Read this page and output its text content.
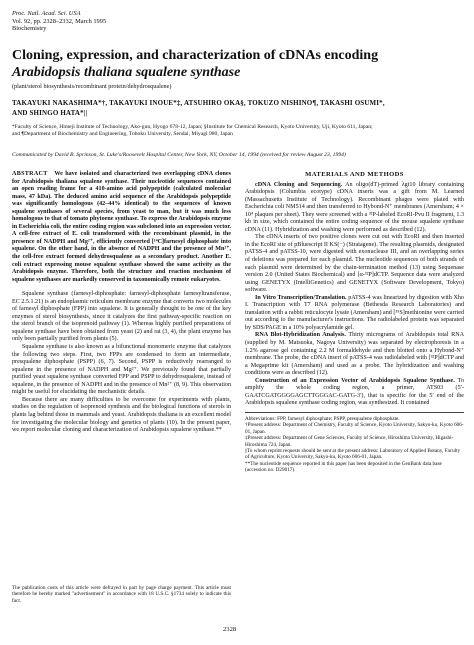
Proc. Natl. Acad. Sci. USA
Vol. 92, pp. 2328–2332, March 1995
Biochemistry
Cloning, expression, and characterization of cDNAs encoding
Arabidopsis thaliana squalene synthase
(plant/sterol biosynthesis/recombinant protein/dehydrosqualene)
TAKAYUKI NAKASHIMA*†, TAKAYUKI INOUE*‡, ATSUHIRO OKA§, TOKUZO NISHINO¶, TAKASHI OSUMI*,
AND SHINGO HATA*||
*Faculty of Science, Himeji Institute of Technology, Ako-gun, Hyogo 678-12, Japan; §Institute for Chemical Research, Kyoto University, Uji, Kyoto 611, Japan;
and ¶Department of Biochemistry and Engineering, Tohoku University, Sendai, Miyagi 980, Japan
Communicated by David B. Sprinson, St. Luke's/Roosevelt Hospital Center, New York, NY, October 14, 1994 (received for review August 23, 1994)

ABSTRACT We have isolated and characterized two overlapping cDNA clones for Arabidopsis thaliana squalene synthase. Their nucleotide sequences contained an open reading frame for a 410-amino acid polypeptide (calculated molecular mass, 47 kDa). The deduced amino acid sequence of the Arabidopsis polypeptide was significantly homologous (42–44% identical) to the sequences of known squalene synthases of several species, from yeast to man, but it was much less homologous to that of tomato phytoene synthase. To express the Arabidopsis enzyme in Escherichia coli, the entire coding region was subcloned into an expression vector. A cell-free extract of E. coli transformed with the recombinant plasmid, in the presence of NADPH and Mg²⁺, efficiently converted [¹⁴C]farnesyl diphosphate into squalene. On the other hand, in the absence of NADPH and the presence of Mn²⁺, the cell-free extract formed dehydrosqualene as a secondary product. Another E. coli extract expressing mouse squalene synthase showed the same activity as the Arabidopsis enzyme. Therefore, both the structure and reaction mechanism of squalene synthases are markedly conserved in taxonomically remote eukaryotes.

Squalene synthase (farnesyl-diphosphate: farnesyl-diphosphate farnesyltransferase, EC 2.5.1.21) is an endoplasmic reticulum membrane enzyme that converts two molecules of farnesyl diphosphate (FPP) into squalene. It is generally thought to be one of the key enzymes of sterol biosynthesis, since it catalyzes the first pathway-specific reaction on the sterol branch of the isoprenoid pathway (1). Whereas highly purified preparations of squalene synthase have been obtained from yeast (2) and rat (3, 4), the plant enzyme has only been partially purified from plants (5).

Squalene synthase is also known as a bifunctional monomeric enzyme that catalyzes the following two steps. First, two FPPs are condensed to form an intermediate, presqualene diphosphate (PSPP) (6, 7). Second, PSPP is reductively rearranged to squalene in the presence of NADPH and Mg²⁺. We previously found that partially purified yeast squalene synthase converted FPP and PSPP to dehydrosqualene, instead of squalene, in the presence of NADPH and in the presence of Mn²⁺ (8, 9). This observation might be useful for elucidating the mechanistic details.

Because there are many difficulties to be overcome for experiments with plants, studies on the regulation of isoprenoid synthesis and the biological functions of sterols in plants lag behind those in mammals and yeast. Arabidopsis thaliana is an excellent model for investigating the molecular biology and genetics of plants (10). In the present paper, we report molecular cloning and characterization of Arabidopsis squalene synthase.**

The publication costs of this article were defrayed in part by page charge payment. This article must therefore be hereby marked "advertisement" in accordance with 18 U.S.C. §1734 solely to indicate this fact.

MATERIALS AND METHODS

cDNA Cloning and Sequencing. An oligo(dT)-primed λgt10 library containing Arabidopsis (Columbia ecotype) cDNA inserts was a gift from M. Learned (Massachusetts Institute of Technology). Recombinant phages were plated with Escherichia coli NM514 and then transferred to Hybond-N⁺ membranes (Amersham; 4 × 10⁴ plaques per sheet). They were screened with a ³²P-labeled EcoRI-Pvu II fragment, 1.3 kb in size, which contained the entire coding sequence of the mouse squalene synthase cDNA (11). Hybridization and washing were performed as described (12).

The cDNA inserts of two positive clones were cut out with EcoRI and then inserted in the EcoRI site of pBluescript II KS(−) (Stratagene). The resulting plasmids, designated pATSS-4 and pATSS-10, were digested with exonuclease III, and an overlapping series of deletions was prepared for each plasmid. The nucleotide sequences of both strands of each plasmid were determined by the chain-termination method (13) using Sequenase version 2.0 (United States Biochemical) and [α-³²P]dCTP. Sequence data were analyzed using GENETYX (IntelliGenetics) and GENETYX (Software Development, Tokyo) software.

In Vitro Transcription/Translation. pATSS-4 was linearized by digestion with Xho I. Transcription with T7 RNA polymerase (Bethesda Research Laboratories) and translation with a rabbit reticulocyte lysate (Amersham) and [³⁵S]methionine were carried out according to the manufacturer's instructions. The radiolabeled protein was separated by SDS/PAGE in a 10% polyacrylamide gel.

RNA Blot-Hybridization Analysis. Thirty micrograms of Arabidopsis total RNA (supplied by M. Matsuoka, Nagoya University) was separated by electrophoresis in a 1.2% agarose gel containing 2.2 M formaldehyde and then blotted onto a Hybond-N⁺ membrane. The probe, the cDNA insert of pATSS-4 was radiolabeled with [³²P]dCTP and a Megaprime kit (Amersham) and used as a probe. The hybridization and washing conditions were as described (12).

Construction of an Expression Vector of Arabidopsis Squalene Synthase. To amplify the whole coding region, a primer, ATS03 (5′-GAATCGATGGGGAGCTTGGGAC-GATG-3′), that is specific for the 5′ end of the Arabidopsis squalene synthase coding region, was synthesized. It contained

Abbreviations: FPP, farnesyl diphosphate; PSPP, presqualene diphosphate.
†Present address: Department of Chemistry, Faculty of Science, Kyoto University, Sakyo-ku, Kyoto 606-01, Japan.
‡Present address: Department of Gene Sciences, Faculty of Science, Hiroshima University, Higashi-Hiroshima 724, Japan.
||To whom reprint requests should be sent at the present address: Laboratory of Applied Botany, Faculty of Agriculture, Kyoto University, Sakyo-ku, Kyoto 606-01, Japan.
**The nucleotide sequence reported in this paper has been deposited in the GenBank data base (accession no. D29017).
2328
